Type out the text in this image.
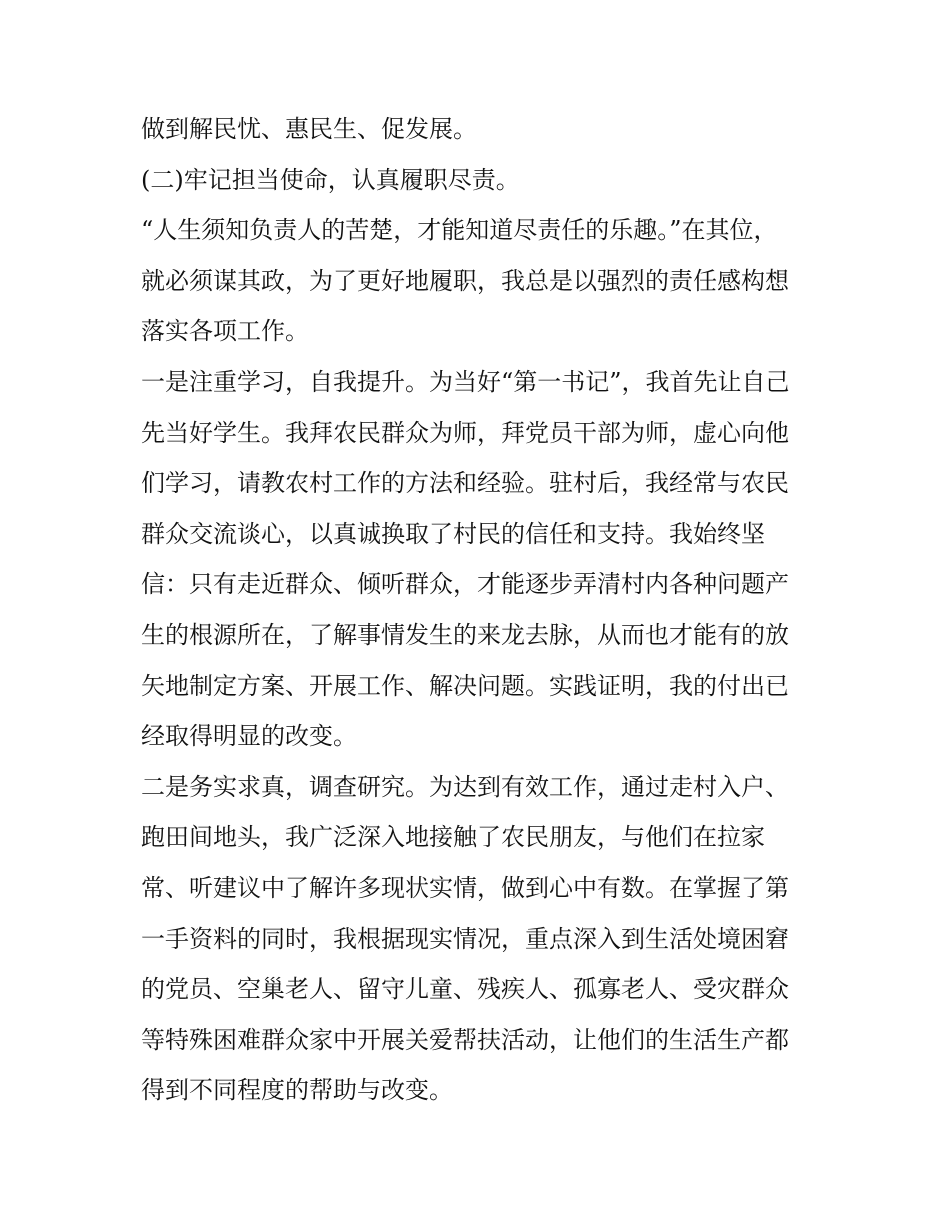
做到解民忧、惠民生、促发展。
(二)牢记担当使命，认真履职尽责。
“人生须知负责人的苦楚，才能知道尽责任的乐趣。”在其位，
就必须谋其政，为了更好地履职，我总是以强烈的责任感构想
落实各项工作。
一是注重学习，自我提升。为当好“第一书记”，我首先让自己
先当好学生。我拜农民群众为师，拜党员干部为师，虚心向他
们学习，请教农村工作的方法和经验。驻村后，我经常与农民
群众交流谈心，以真诚换取了村民的信任和支持。我始终坚
信：只有走近群众、倾听群众，才能逐步弄清村内各种问题产
生的根源所在，了解事情发生的来龙去脉，从而也才能有的放
矢地制定方案、开展工作、解决问题。实践证明，我的付出已
经取得明显的改变。
二是务实求真，调查研究。为达到有效工作，通过走村入户、
跑田间地头，我广泛深入地接触了农民朋友，与他们在拉家
常、听建议中了解许多现状实情，做到心中有数。在掌握了第
一手资料的同时，我根据现实情况，重点深入到生活处境困窘
的党员、空巢老人、留守儿童、残疾人、孤寡老人、受灾群众
等特殊困难群众家中开展关爱帮扶活动，让他们的生活生产都
得到不同程度的帮助与改变。
